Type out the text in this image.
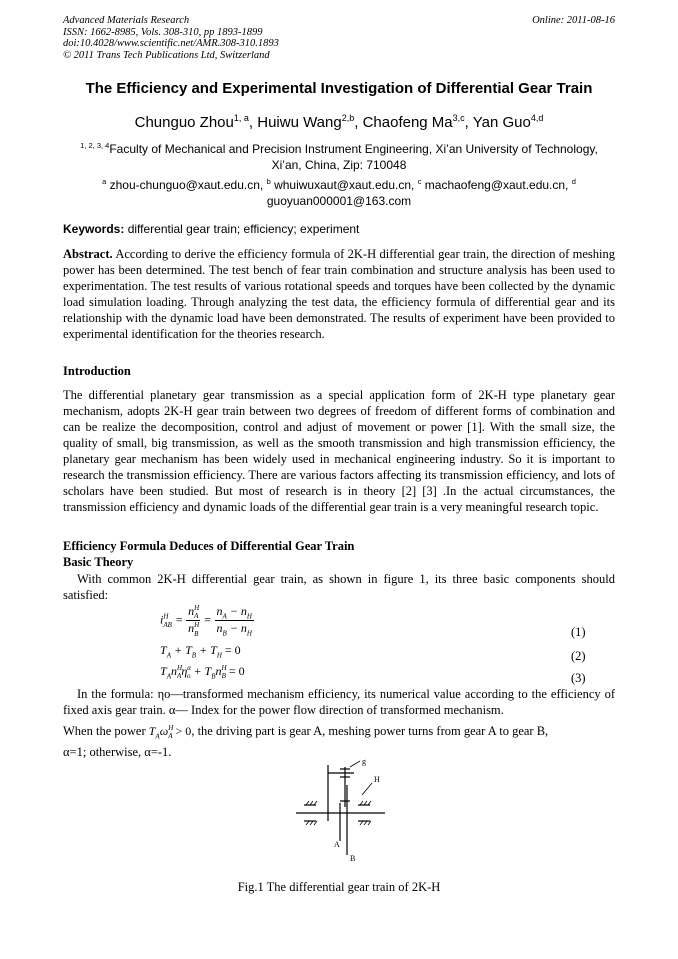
Advanced Materials Research
ISSN: 1662-8985, Vols. 308-310, pp 1893-1899
doi:10.4028/www.scientific.net/AMR.308-310.1893
© 2011 Trans Tech Publications Ltd, Switzerland
Online: 2011-08-16
The Efficiency and Experimental Investigation of Differential Gear Train
Chunguo Zhou$^{1, a}$, Huiwu Wang$^{2,b}$, Chaofeng Ma$^{3,c}$, Yan Guo$^{4,d}$
$^{1, 2, 3, 4}$Faculty of Mechanical and Precision Instrument Engineering, Xi’an University of Technology,
Xi’an, China, Zip: 710048
$^a$ zhou-chunguo@xaut.edu.cn, $^b$ whuiwuxaut@xaut.edu.cn, $^c$ machaofeng@xaut.edu.cn, $^d$
guoyuan000001@163.com
Keywords: differential gear train; efficiency; experiment
Abstract. According to derive the efficiency formula of 2K-H differential gear train, the direction of meshing power has been determined. The test bench of fear train combination and structure analysis has been used to experimentation. The test results of various rotational speeds and torques have been collected by the dynamic load simulation loading. Through analyzing the test data, the efficiency formula of differential gear and its relationship with the dynamic load have been demonstrated. The results of experiment have been provided to experimental identification for the theories research.
Introduction
The differential planetary gear transmission as a special application form of 2K-H type planetary gear mechanism, adopts 2K-H gear train between two degrees of freedom of different forms of combination and can be realize the decomposition, control and adjust of movement or power [1]. With the small size, the quality of small, big transmission, as well as the smooth transmission and high transmission efficiency, the planetary gear mechanism has been widely used in mechanical engineering industry. So it is important to research the transmission efficiency. There are various factors affecting its transmission efficiency, and lots of scholars have been studied. But most of research is in theory [2] [3] .In the actual circumstances, the transmission efficiency and dynamic loads of the differential gear train is a very meaningful research topic.
Efficiency Formula Deduces of Differential Gear Train
Basic Theory
With common 2K-H differential gear train, as shown in figure 1, its three basic components should satisfied:
$i^H_{AB} = \frac{n^H_A}{n^H_B} = \frac{n_A - n_H}{n_B - n_H}$	(1)
$T_A + T_B + T_H = 0$	(2)
$T_An^H_A\eta^\alpha_o + T_Bn^H_B = 0$	(3)
In the formula: ηo—transformed mechanism efficiency, its numerical value according to the efficiency of fixed axis gear train. α— Index for the power flow direction of transformed mechanism.
When the power $T_A\omega^H_A > 0$, the driving part is gear A, meshing power turns from gear A to gear B,
α=1; otherwise, α=-1.
g
H
A
B
Fig.1 The differential gear train of 2K-H
